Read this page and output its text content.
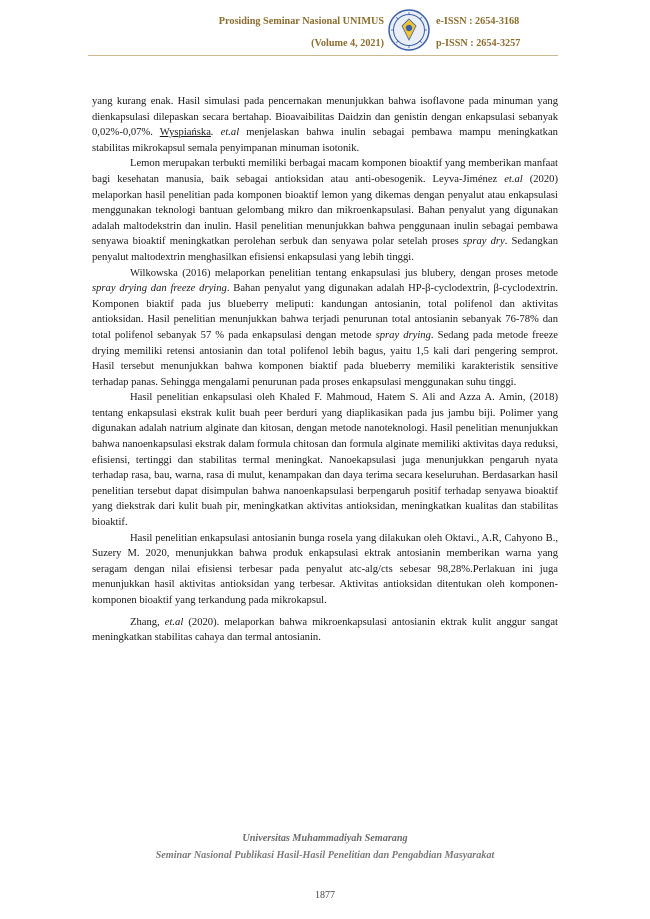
Prosiding Seminar Nasional UNIMUS
(Volume 4, 2021)
e-ISSN : 2654-3168
p-ISSN : 2654-3257

yang kurang enak. Hasil simulasi pada pencernakan menunjukkan bahwa isoflavone pada minuman yang dienkapsulasi dilepaskan secara bertahap. Bioavaibilitas Daidzin dan genistin dengan enkapsulasi sebanyak 0,02%-0,07%. Wyspiańska. et.al menjelaskan bahwa inulin sebagai pembawa mampu meningkatkan stabilitas mikrokapsul semala penyimpanan minuman isotonik.

Lemon merupakan terbukti memiliki berbagai macam komponen bioaktif yang memberikan manfaat bagi kesehatan manusia, baik sebagai antioksidan atau anti-obesogenik. Leyva-Jiménez et.al (2020) melaporkan hasil penelitian pada komponen bioaktif lemon yang dikemas dengan penyalut atau enkapsulasi menggunakan teknologi bantuan gelombang mikro dan mikroenkapsulasi. Bahan penyalut yang digunakan adalah maltodekstrin dan inulin. Hasil penelitian menunjukkan bahwa penggunaan inulin sebagai pembawa senyawa bioaktif meningkatkan perolehan serbuk dan senyawa polar setelah proses spray dry. Sedangkan penyalut maltodextrin menghasilkan efisiensi enkapsulasi yang lebih tinggi.

Wilkowska (2016) melaporkan penelitian tentang enkapsulasi jus blubery, dengan proses metode spray drying dan freeze drying. Bahan penyalut yang digunakan adalah HP-β-cyclodextrin, β-cyclodextrin. Komponen biaktif pada jus blueberry meliputi: kandungan antosianin, total polifenol dan aktivitas antioksidan. Hasil penelitian menunjukkan bahwa terjadi penurunan total antosianin sebanyak 76-78% dan total polifenol sebanyak 57 % pada enkapsulasi dengan metode spray drying. Sedang pada metode freeze drying memiliki retensi antosianin dan total polifenol lebih bagus, yaitu 1,5 kali dari pengering semprot. Hasil tersebut menunjukkan bahwa komponen biaktif pada blueberry memiliki karakteristik sensitive terhadap panas. Sehingga mengalami penurunan pada proses enkapsulasi menggunakan suhu tinggi.

Hasil penelitian enkapsulasi oleh Khaled F. Mahmoud, Hatem S. Ali and Azza A. Amin, (2018) tentang enkapsulasi ekstrak kulit buah peer berduri yang diaplikasikan pada jus jambu biji. Polimer yang digunakan adalah natrium alginate dan kitosan, dengan metode nanoteknologi. Hasil penelitian menunjukkan bahwa nanoenkapsulasi ekstrak dalam formula chitosan dan formula alginate memiliki aktivitas daya reduksi, efisiensi, tertinggi dan stabilitas termal meningkat. Nanoekapsulasi juga menunjukkan pengaruh nyata terhadap rasa, bau, warna, rasa di mulut, kenampakan dan daya terima secara keseluruhan. Berdasarkan hasil penelitian tersebut dapat disimpulan bahwa nanoenkapsulasi berpengaruh positif terhadap senyawa bioaktif yang diekstrak dari kulit buah pir, meningkatkan aktivitas antioksidan, meningkatkan kualitas dan stabilitas bioaktif.

Hasil penelitian enkapsulasi antosianin bunga rosela yang dilakukan oleh Oktavi., A.R, Cahyono B., Suzery M. 2020, menunjukkan bahwa produk enkapsulasi ektrak antosianin memberikan warna yang seragam dengan nilai efisiensi terbesar pada penyalut atc-alg/cts sebesar 98,28%.Perlakuan ini juga menunjukkan hasil aktivitas antioksidan yang terbesar. Aktivitas antioksidan ditentukan oleh komponen-komponen bioaktif yang terkandung pada mikrokapsul.

Zhang, et.al (2020). melaporkan bahwa mikroenkapsulasi antosianin ektrak kulit anggur sangat meningkatkan stabilitas cahaya dan termal antosianin.

Universitas Muhammadiyah Semarang
Seminar Nasional Publikasi Hasil-Hasil Penelitian dan Pengabdian Masyarakat
1877
